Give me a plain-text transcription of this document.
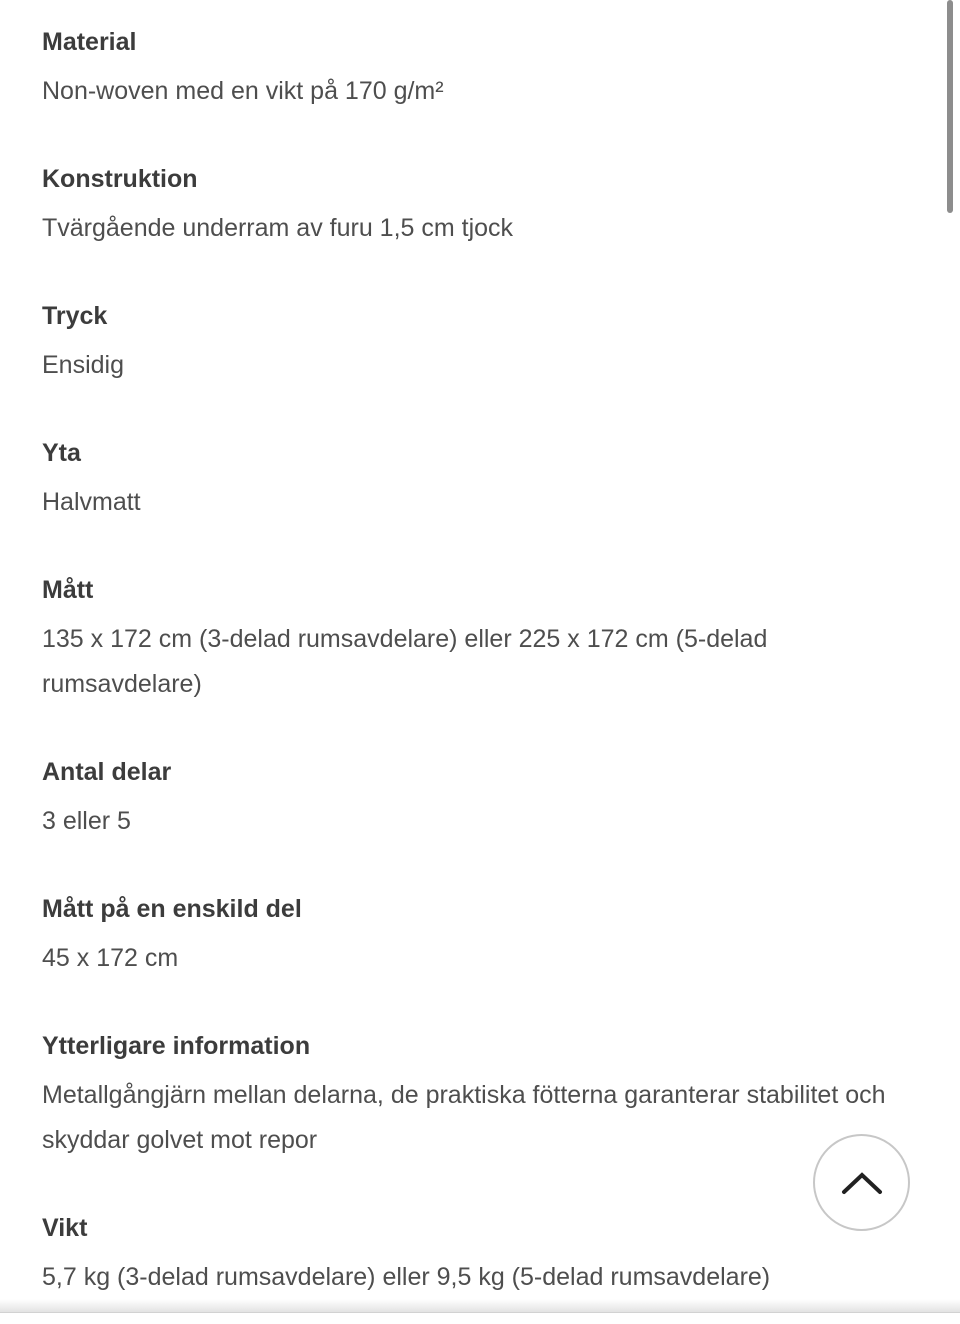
Material
Non-woven med en vikt på 170 g/m²
Konstruktion
Tvärgående underram av furu 1,5 cm tjock
Tryck
Ensidig
Yta
Halvmatt
Mått
135 x 172 cm (3-delad rumsavdelare) eller 225 x 172 cm (5-delad rumsavdelare)
Antal delar
3 eller 5
Mått på en enskild del
45 x 172 cm
Ytterligare information
Metallgångjärn mellan delarna, de praktiska fötterna garanterar stabilitet och skyddar golvet mot repor
Vikt
5,7 kg (3-delad rumsavdelare) eller 9,5 kg (5-delad rumsavdelare)
